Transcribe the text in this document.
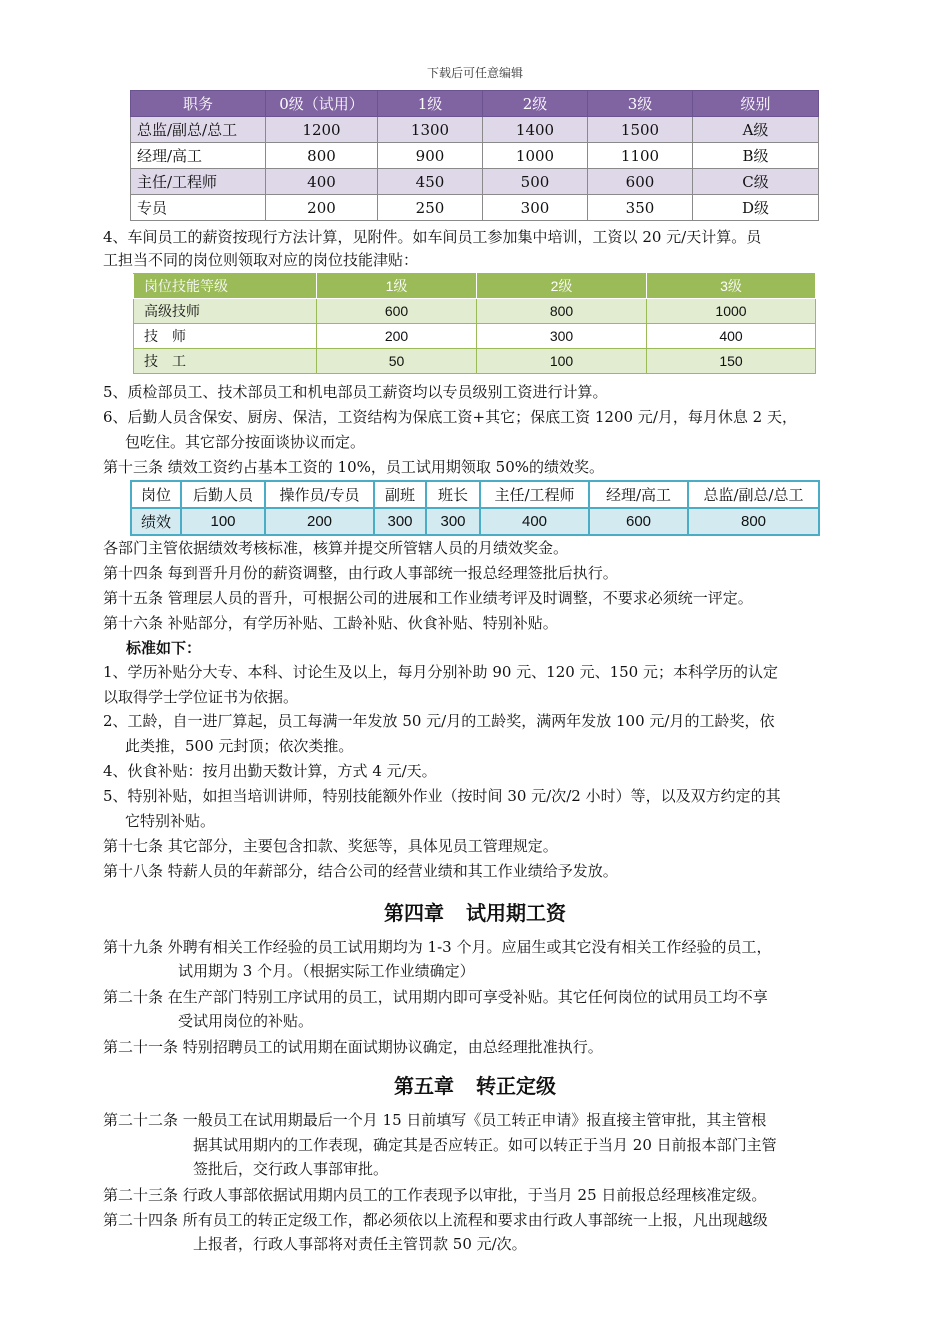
下载后可任意编辑
职务	0级（试用）	1级	2级	3级	级别
总监/副总/总工	1200	1300	1400	1500	A级
经理/高工	800	900	1000	1100	B级
主任/工程师	400	450	500	600	C级
专员	200	250	300	350	D级
4、车间员工的薪资按现行方法计算，见附件。如车间员工参加集中培训，工资以 20 元/天计算。员
工担当不同的岗位则领取对应的岗位技能津贴：
岗位技能等级	1级	2级	3级
高级技师	600	800	1000
技　师	200	300	400
技　工	50	100	150
5、质检部员工、技术部员工和机电部员工薪资均以专员级别工资进行计算。
6、后勤人员含保安、厨房、保洁，工资结构为保底工资+其它；保底工资 1200 元/月，每月休息 2 天，
包吃住。其它部分按面谈协议而定。
第十三条 绩效工资约占基本工资的 10%，员工试用期领取 50%的绩效奖。
岗位	后勤人员	操作员/专员	副班	班长	主任/工程师	经理/高工	总监/副总/总工
绩效	100	200	300	300	400	600	800
各部门主管依据绩效考核标准，核算并提交所管辖人员的月绩效奖金。
第十四条 每到晋升月份的薪资调整，由行政人事部统一报总经理签批后执行。
第十五条 管理层人员的晋升，可根据公司的进展和工作业绩考评及时调整，不要求必须统一评定。
第十六条 补贴部分，有学历补贴、工龄补贴、伙食补贴、特别补贴。
标准如下：
1、学历补贴分大专、本科、讨论生及以上，每月分别补助 90 元、120 元、150 元；本科学历的认定
以取得学士学位证书为依据。
2、工龄，自一进厂算起，员工每满一年发放 50 元/月的工龄奖，满两年发放 100 元/月的工龄奖，依
此类推，500 元封顶；依次类推。
4、伙食补贴：按月出勤天数计算，方式 4 元/天。
5、特别补贴，如担当培训讲师，特别技能额外作业（按时间 30 元/次/2 小时）等，以及双方约定的其
它特别补贴。
第十七条 其它部分，主要包含扣款、奖惩等，具体见员工管理规定。
第十八条 特薪人员的年薪部分，结合公司的经营业绩和其工作业绩给予发放。
第四章 试用期工资
第十九条 外聘有相关工作经验的员工试用期均为 1-3 个月。应届生或其它没有相关工作经验的员工，
试用期为 3 个月。（根据实际工作业绩确定）
第二十条 在生产部门特别工序试用的员工，试用期内即可享受补贴。其它任何岗位的试用员工均不享
受试用岗位的补贴。
第二十一条 特别招聘员工的试用期在面试期协议确定，由总经理批准执行。
第五章 转正定级
第二十二条 一般员工在试用期最后一个月 15 日前填写《员工转正申请》报直接主管审批，其主管根
据其试用期内的工作表现，确定其是否应转正。如可以转正于当月 20 日前报本部门主管
签批后，交行政人事部审批。
第二十三条 行政人事部依据试用期内员工的工作表现予以审批，于当月 25 日前报总经理核准定级。
第二十四条 所有员工的转正定级工作，都必须依以上流程和要求由行政人事部统一上报，凡出现越级
上报者，行政人事部将对责任主管罚款 50 元/次。
